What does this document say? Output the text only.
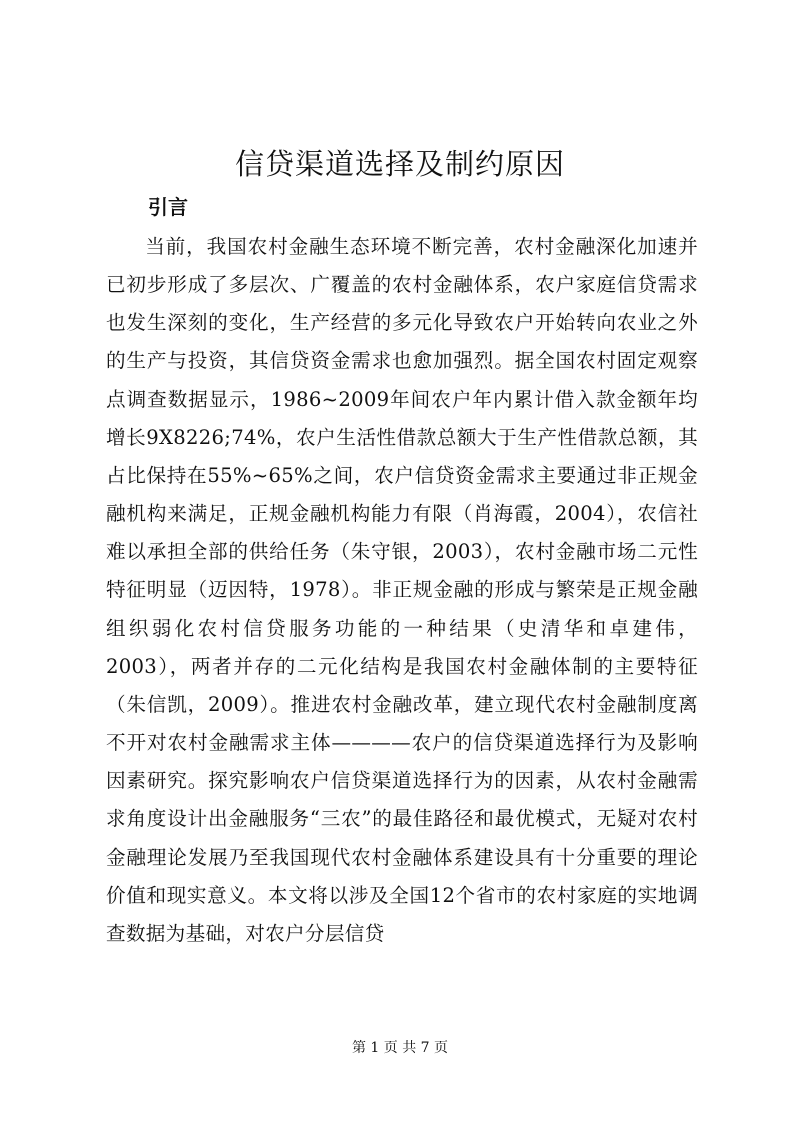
信贷渠道选择及制约原因
引言

当前，我国农村金融生态环境不断完善，农村金融深化加速并已初步形成了多层次、广覆盖的农村金融体系，农户家庭信贷需求也发生深刻的变化，生产经营的多元化导致农户开始转向农业之外的生产与投资，其信贷资金需求也愈加强烈。据全国农村固定观察点调查数据显示，1986~2009年间农户年内累计借入款金额年均增长9X8226;74%，农户生活性借款总额大于生产性借款总额，其占比保持在55%~65%之间，农户信贷资金需求主要通过非正规金融机构来满足，正规金融机构能力有限（肖海霞，2004），农信社难以承担全部的供给任务（朱守银，2003），农村金融市场二元性特征明显（迈因特，1978）。非正规金融的形成与繁荣是正规金融组织弱化农村信贷服务功能的一种结果（史清华和卓建伟，2003），两者并存的二元化结构是我国农村金融体制的主要特征（朱信凯，2009）。推进农村金融改革，建立现代农村金融制度离不开对农村金融需求主体————农户的信贷渠道选择行为及影响因素研究。探究影响农户信贷渠道选择行为的因素，从农村金融需求角度设计出金融服务“三农”的最佳路径和最优模式，无疑对农村金融理论发展乃至我国现代农村金融体系建设具有十分重要的理论价值和现实意义。本文将以涉及全国12个省市的农村家庭的实地调查数据为基础，对农户分层信贷

第 1 页 共 7 页
